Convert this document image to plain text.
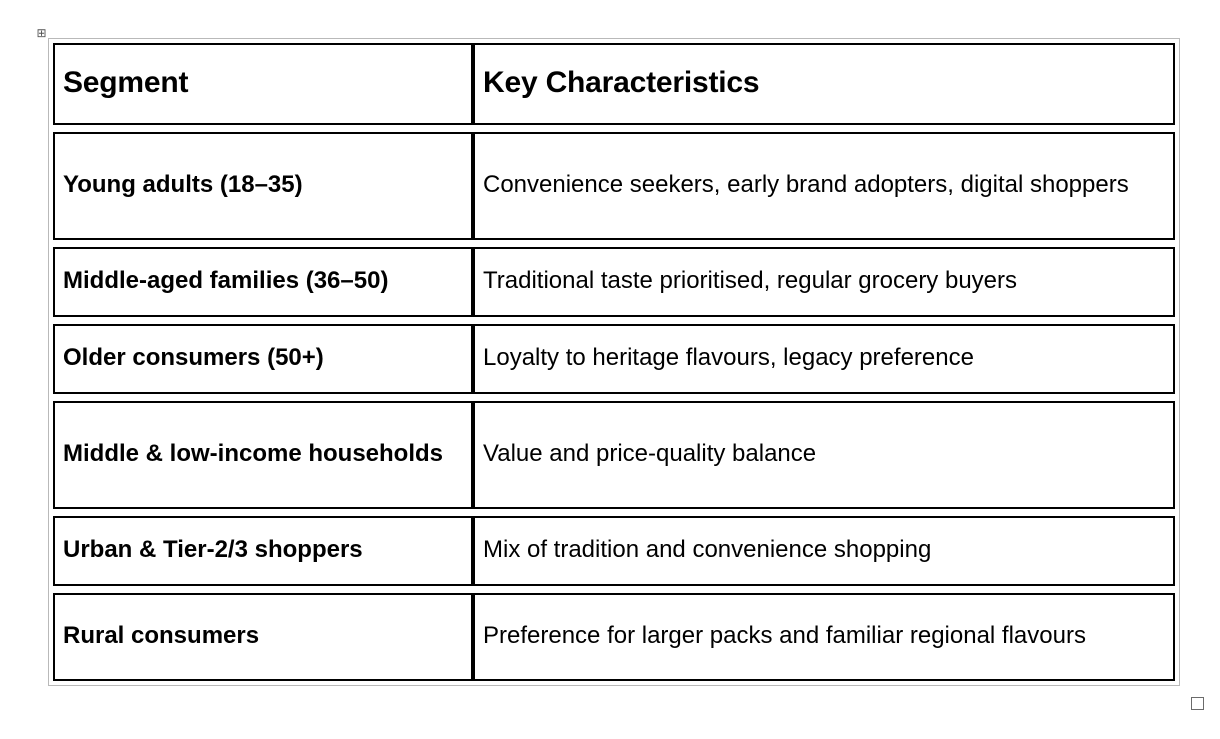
⊞
Segment	Key Characteristics

Young adults (18–35)	Convenience seekers, early brand adopters, digital shoppers

Middle-aged families (36–50)	Traditional taste prioritised, regular grocery buyers

Older consumers (50+)	Loyalty to heritage flavours, legacy preference

Middle & low-income households	Value and price-quality balance

Urban & Tier-2/3 shoppers	Mix of tradition and convenience shopping

Rural consumers	Preference for larger packs and familiar regional flavours
